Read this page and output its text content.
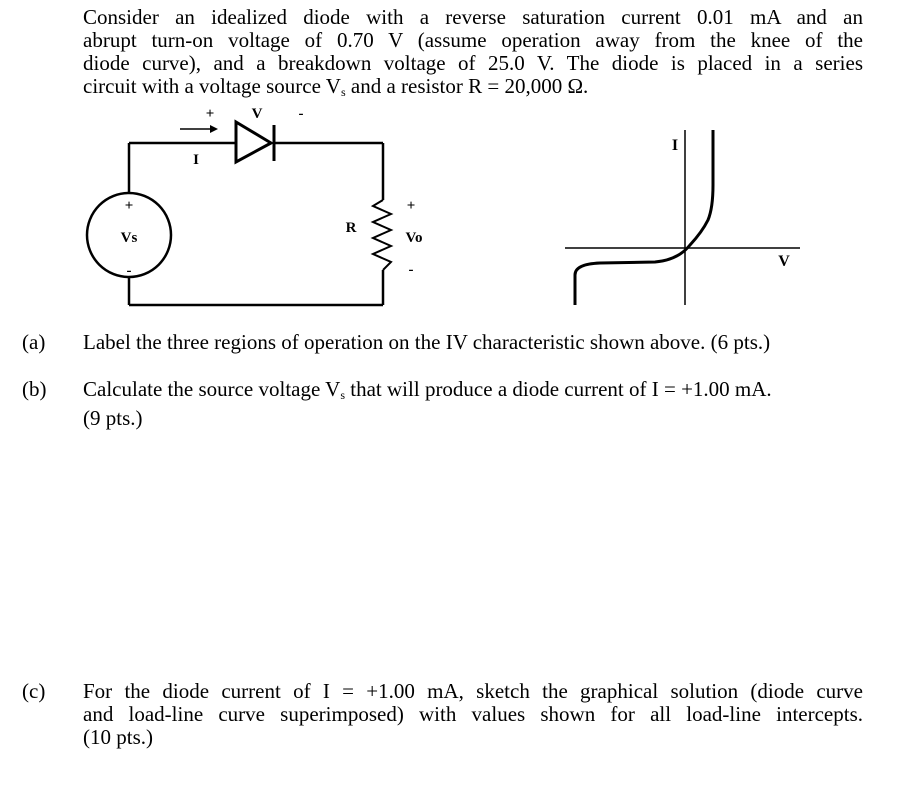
Consider an idealized diode with a reverse saturation current 0.01 mA and an
abrupt turn-on voltage of 0.70 V (assume operation away from the knee of the
diode curve), and a breakdown voltage of 25.0 V. The diode is placed in a series
circuit with a voltage source $V_s$ and a resistor R = 20,000 Ω.
+ V -
I
+
Vs
-
R
+
Vo
-
I
V
(a) Label the three regions of operation on the IV characteristic shown above. (6 pts.)
(b) Calculate the source voltage $V_s$ that will produce a diode current of I = +1.00 mA.
(9 pts.)
(c) For the diode current of I = +1.00 mA, sketch the graphical solution (diode curve
and load-line curve superimposed) with values shown for all load-line intercepts.
(10 pts.)
